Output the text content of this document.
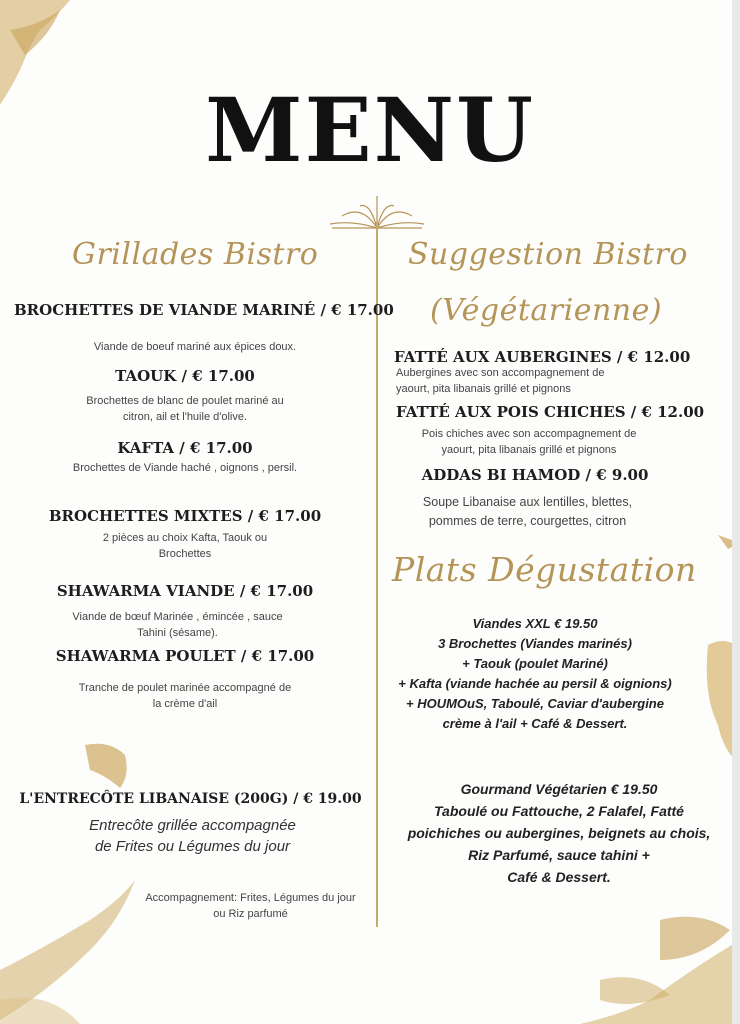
MENU
Grillades Bistro
BROCHETTES DE VIANDE MARINÉ / € 17.00
Viande de boeuf mariné aux épices doux.
TAOUK / € 17.00
Brochettes de blanc de poulet mariné au
citron, ail et l'huile d'olive.
KAFTA / € 17.00
Brochettes de Viande haché , oignons , persil.
BROCHETTES MIXTES / € 17.00
2 pièces au choix Kafta, Taouk ou
Brochettes
SHAWARMA VIANDE / € 17.00
Viande de bœuf Marinée , émincée , sauce
Tahini (sésame).
SHAWARMA POULET / € 17.00
Tranche de poulet marinée accompagné de
la crème d'ail
L'ENTRECÔTE LIBANAISE (200G) / € 19.00
Entrecôte grillée accompagnée
de Frites ou Légumes du jour
Accompagnement: Frites, Légumes du jour
ou Riz parfumé
Suggestion Bistro
(Végétarienne)
FATTÉ AUX AUBERGINES / € 12.00
Aubergines avec son accompagnement de
yaourt, pita libanais grillé et pignons
FATTÉ AUX POIS CHICHES / € 12.00
Pois chiches avec son accompagnement de
yaourt, pita libanais grillé et pignons
ADDAS BI HAMOD / € 9.00
Soupe Libanaise aux lentilles, blettes,
pommes de terre, courgettes, citron
Plats Dégustation
Viandes XXL € 19.50
3 Brochettes (Viandes marinés)
+ Taouk (poulet Mariné)
+ Kafta (viande hachée au persil & oignions)
+ HOUMOuS, Taboulé, Caviar d'aubergine
crème à l'ail + Café & Dessert.
Gourmand Végétarien € 19.50
Taboulé ou Fattouche, 2 Falafel, Fatté
poichiches ou aubergines, beignets au chois,
Riz Parfumé, sauce tahini +
Café & Dessert.
